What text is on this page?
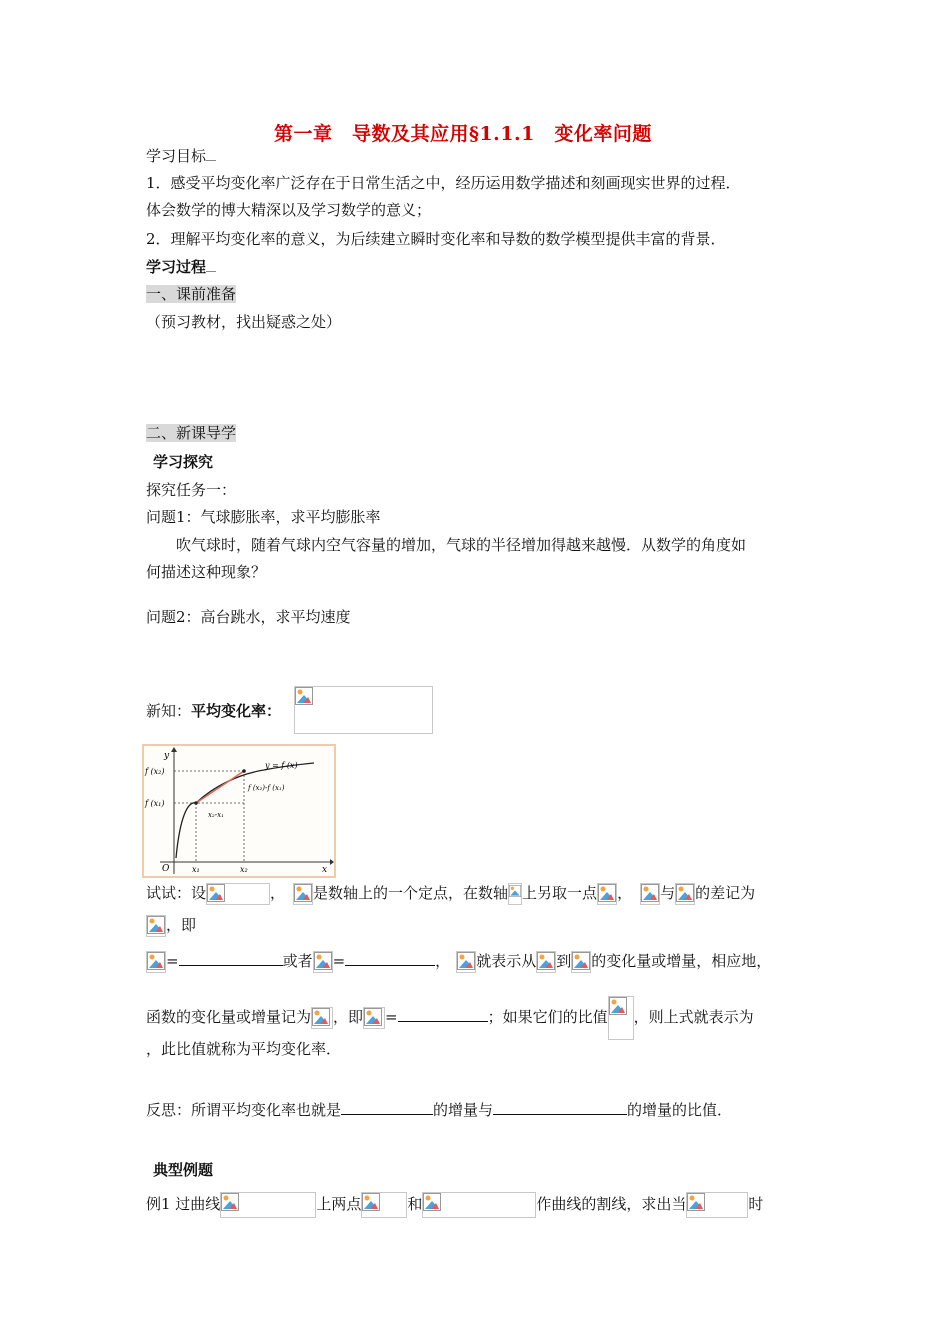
第一章　导数及其应用§1.1.1　变化率问题
学习目标
1．感受平均变化率广泛存在于日常生活之中，经历运用数学描述和刻画现实世界的过程．
体会数学的博大精深以及学习数学的意义；
2．理解平均变化率的意义，为后续建立瞬时变化率和导数的数学模型提供丰富的背景．
学习过程
一、课前准备
（预习教材，找出疑惑之处）
二、新课导学
学习探究
探究任务一：
问题1：气球膨胀率，求平均膨胀率
吹气球时，随着气球内空气容量的增加，气球的半径增加得越来越慢．从数学的角度如
何描述这种现象？
问题2：高台跳水，求平均速度
新知：平均变化率：
y
x
O
y = f (x)
f (x₂)
f (x₁)
f (x₂)-f (x₁)
x₂-x₁
x₁	x₂
试试：设	， 是数轴上的一个定点，在数轴 上另取一点 ， 与 的差记为
，即
=	或者 =	， 就表示从 到 的变化量或增量，相应地，
函数的变化量或增量记为 ，即 =	；如果它们的比值 ，则上式就表示为
，此比值就称为平均变化率．
反思：所谓平均变化率也就是	的增量与	的增量的比值．
典型例题
例1 过曲线	上两点	和	作曲线的割线，求出当	时
